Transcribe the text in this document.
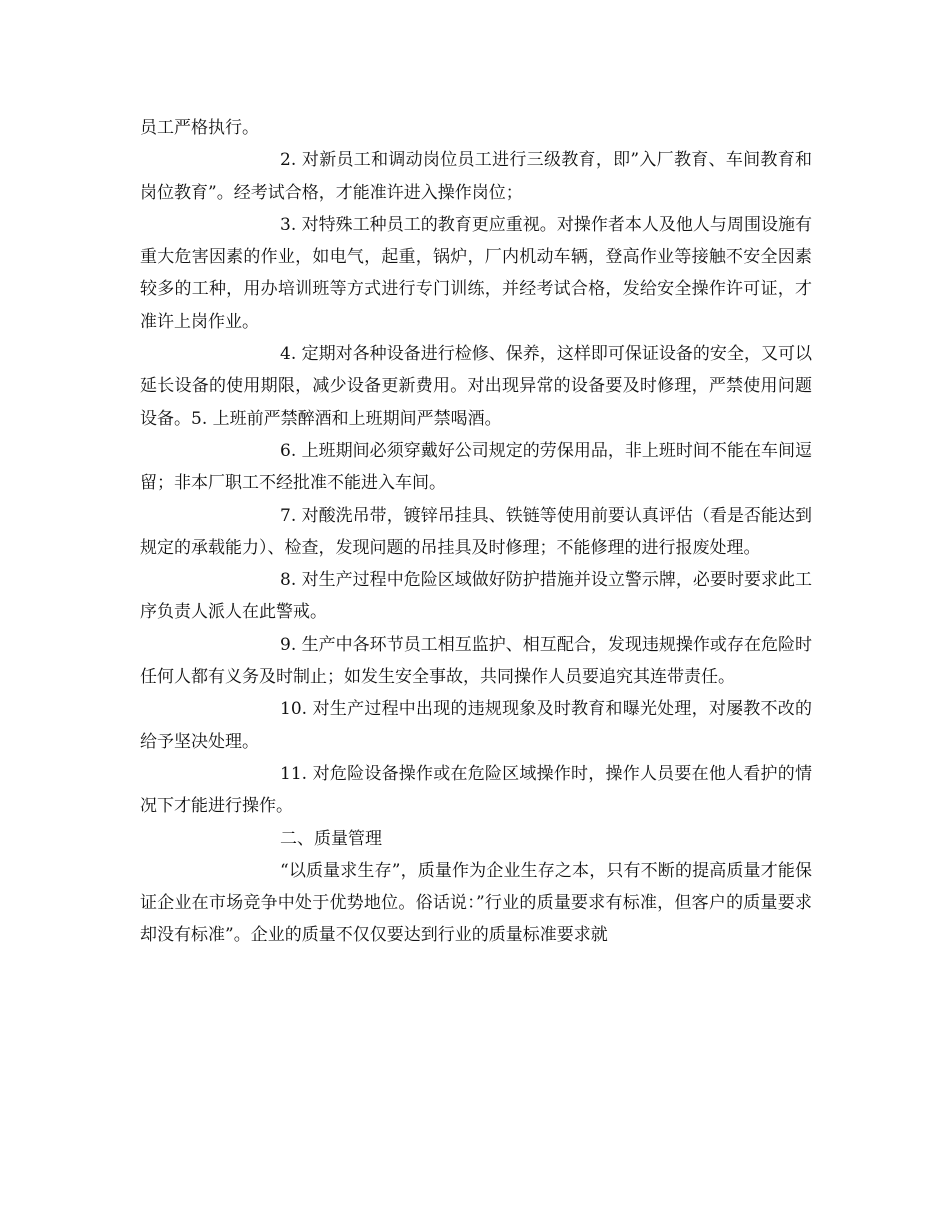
员工严格执行。

2. 对新员工和调动岗位员工进行三级教育，即”入厂教育、车间教育和岗位教育”。经考试合格，才能准许进入操作岗位；

3. 对特殊工种员工的教育更应重视。对操作者本人及他人与周围设施有重大危害因素的作业，如电气，起重，锅炉，厂内机动车辆，登高作业等接触不安全因素较多的工种，用办培训班等方式进行专门训练，并经考试合格，发给安全操作许可证，才准许上岗作业。

4. 定期对各种设备进行检修、保养，这样即可保证设备的安全，又可以延长设备的使用期限，减少设备更新费用。对出现异常的设备要及时修理，严禁使用问题设备。5. 上班前严禁醉酒和上班期间严禁喝酒。

6. 上班期间必须穿戴好公司规定的劳保用品，非上班时间不能在车间逗留；非本厂职工不经批准不能进入车间。

7. 对酸洗吊带，镀锌吊挂具、铁链等使用前要认真评估（看是否能达到规定的承载能力）、检查，发现问题的吊挂具及时修理；不能修理的进行报废处理。

8. 对生产过程中危险区域做好防护措施并设立警示牌，必要时要求此工序负责人派人在此警戒。

9. 生产中各环节员工相互监护、相互配合，发现违规操作或存在危险时任何人都有义务及时制止；如发生安全事故，共同操作人员要追究其连带责任。

10. 对生产过程中出现的违规现象及时教育和曝光处理，对屡教不改的给予坚决处理。

11. 对危险设备操作或在危险区域操作时，操作人员要在他人看护的情况下才能进行操作。

二、质量管理

“以质量求生存”，质量作为企业生存之本，只有不断的提高质量才能保证企业在市场竞争中处于优势地位。俗话说：”行业的质量要求有标准，但客户的质量要求却没有标准”。企业的质量不仅仅要达到行业的质量标准要求就
